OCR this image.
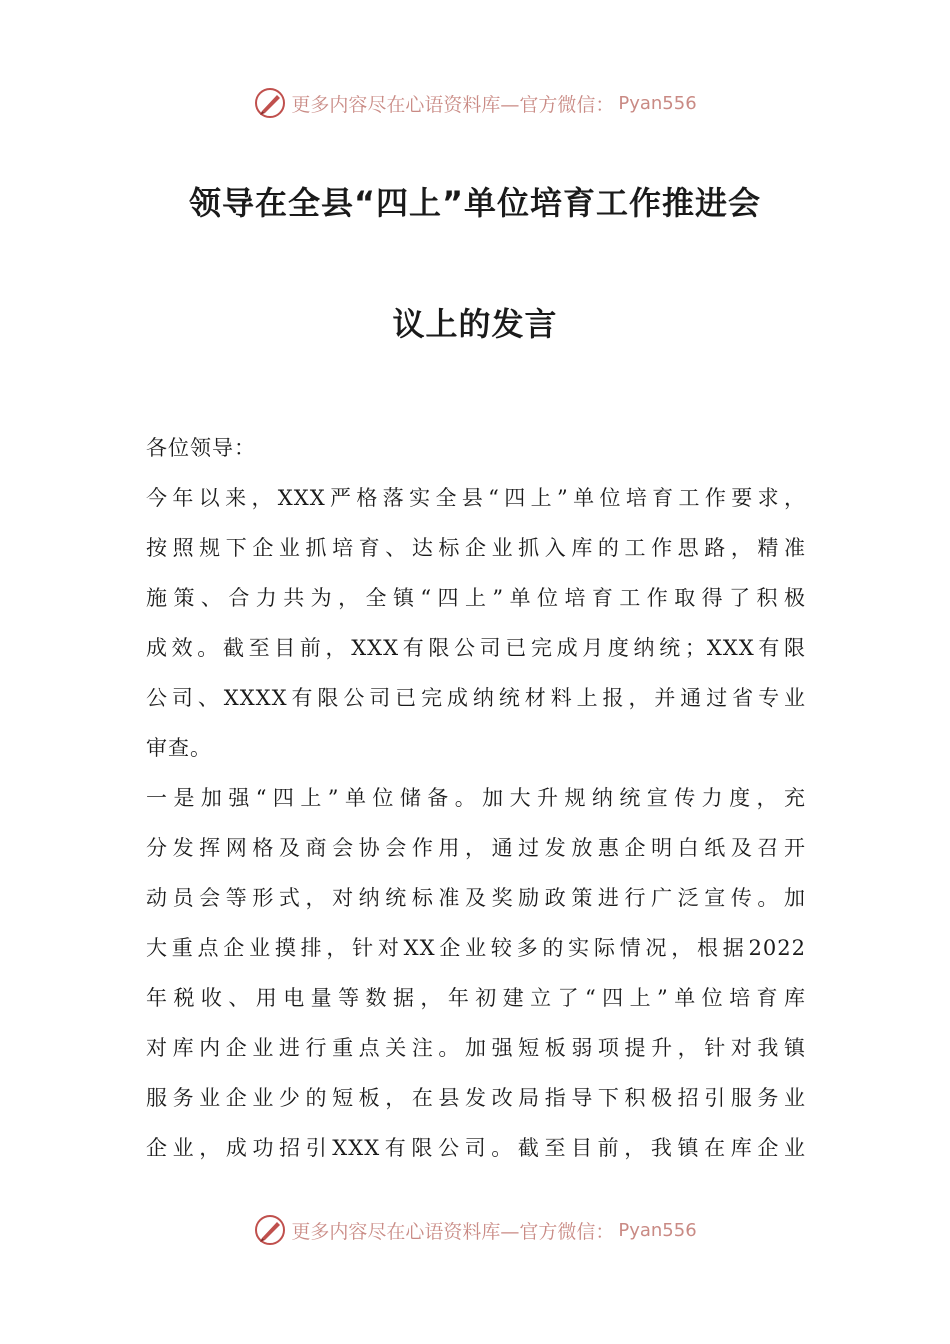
更多内容尽在心语资料库—官方微信： Pyan556
领导在全县“四上”单位培育工作推进会
议上的发言
各位领导：
今年以来，XXX严格落实全县“四上”单位培育工作要求，
按照规下企业抓培育、达标企业抓入库的工作思路，精准
施策、合力共为，全镇“四上”单位培育工作取得了积极
成效。截至目前，XXX有限公司已完成月度纳统；XXX有限
公司、XXXX有限公司已完成纳统材料上报，并通过省专业
审查。
一是加强“四上”单位储备。加大升规纳统宣传力度，充
分发挥网格及商会协会作用，通过发放惠企明白纸及召开
动员会等形式，对纳统标准及奖励政策进行广泛宣传。加
大重点企业摸排，针对XX企业较多的实际情况，根据2022
年税收、用电量等数据，年初建立了“四上”单位培育库
对库内企业进行重点关注。加强短板弱项提升，针对我镇
服务业企业少的短板，在县发改局指导下积极招引服务业
企业，成功招引XXX有限公司。截至目前，我镇在库企业
更多内容尽在心语资料库—官方微信： Pyan556
